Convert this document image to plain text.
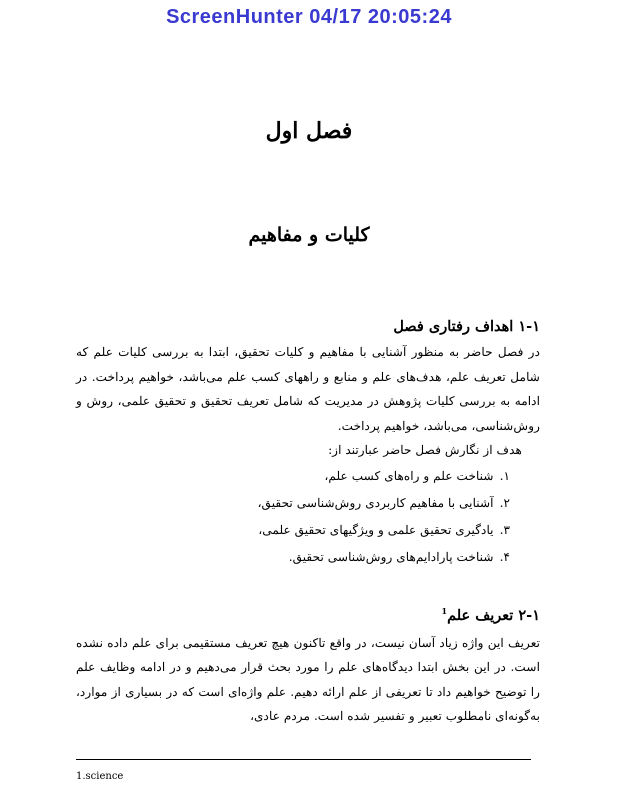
ScreenHunter 04/17 20:05:24
فصل اول
کلیات و مفاهیم
۱-۱ اهداف رفتاری فصل

در فصل حاضر به منظور آشنایی با مفاهیم و کلیات تحقیق، ابتدا به بررسی کلیات علم که شامل تعریف علم، هدف‌های علم و منابع و راههای کسب علم می‌باشد، خواهیم پرداخت. در ادامه به بررسی کلیات پژوهش در مدیریت که شامل تعریف تحقیق و تحقیق علمی، روش و روش‌شناسی، می‌باشد، خواهیم پرداخت.

هدف از نگارش فصل حاضر عبارتند از:

۱.شناخت علم و راه‌های کسب علم،
۲.آشنایی با مفاهیم کاربردی روش‌شناسی تحقیق،
۳.یادگیری تحقیق علمی و ویژگیهای تحقیق علمی،
۴.شناخت پارادایم‌های روش‌شناسی تحقیق.
۲-۱ تعریف علم$^1$

تعریف این واژه زیاد آسان نیست، در واقع تاکنون هیچ تعریف مستقیمی برای علم داده نشده است. در این بخش ابتدا دیدگاه‌های علم را مورد بحث قرار می‌دهیم و در ادامه وظایف علم را توضیح خواهیم داد تا تعریفی از علم ارائه دهیم. علم واژه‌ای است که در بسیاری از موارد، به‌گونه‌ای نامطلوب تعبیر و تفسیر شده است. مردم عادی،

1.science
